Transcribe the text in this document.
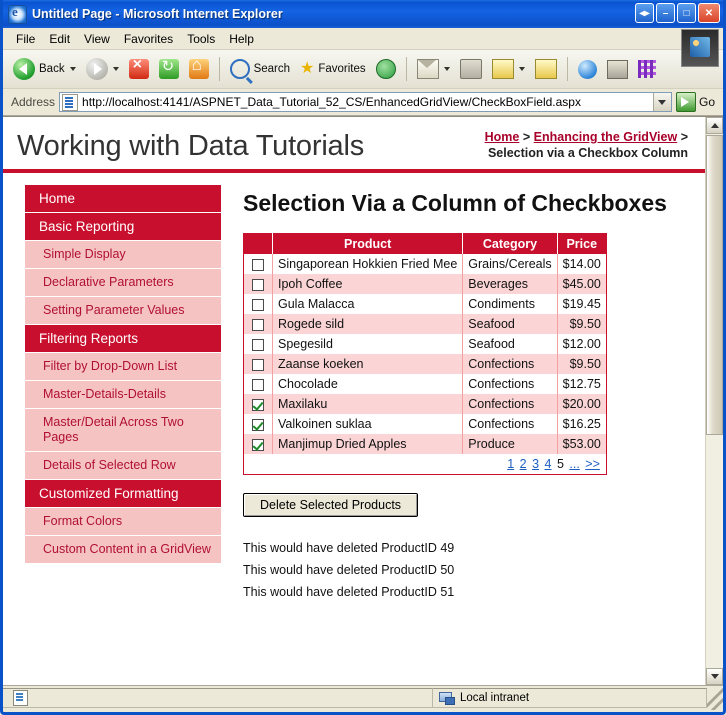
e
Untitled Page - Microsoft Internet Explorer	◂▸	–	□	✕
File	Edit	View	Favorites	Tools	Help
Back × ↻ ⌂	Search ★ Favorites
Address http://localhost:4141/ASPNET_Data_Tutorial_52_CS/EnhancedGridView/CheckBoxField.aspx	Go
Working with Data Tutorials	Home > Enhancing the GridView >
Selection via a Checkbox Column
Home
Basic Reporting
Simple Display
Declarative Parameters
Setting Parameter Values
Filtering Reports
Filter by Drop-Down List
Master-Details-Details
Master/Detail Across Two Pages
Details of Selected Row
Customized Formatting
Format Colors
Custom Content in a GridView
Selection Via a Column of Checkboxes
	Product	Category	Price
	Singaporean Hokkien Fried Mee	Grains/Cereals	$14.00
	Ipoh Coffee	Beverages	$45.00
	Gula Malacca	Condiments	$19.45
	Rogede sild	Seafood	$9.50
	Spegesild	Seafood	$12.00
	Zaanse koeken	Confections	$9.50
	Chocolade	Confections	$12.75
	Maxilaku	Confections	$20.00
	Valkoinen suklaa	Confections	$16.25
	Manjimup Dried Apples	Produce	$53.00
1 2 3 4 5 ... >>			
Delete Selected Products
This would have deleted ProductID 49
This would have deleted ProductID 50
This would have deleted ProductID 51
Local intranet
